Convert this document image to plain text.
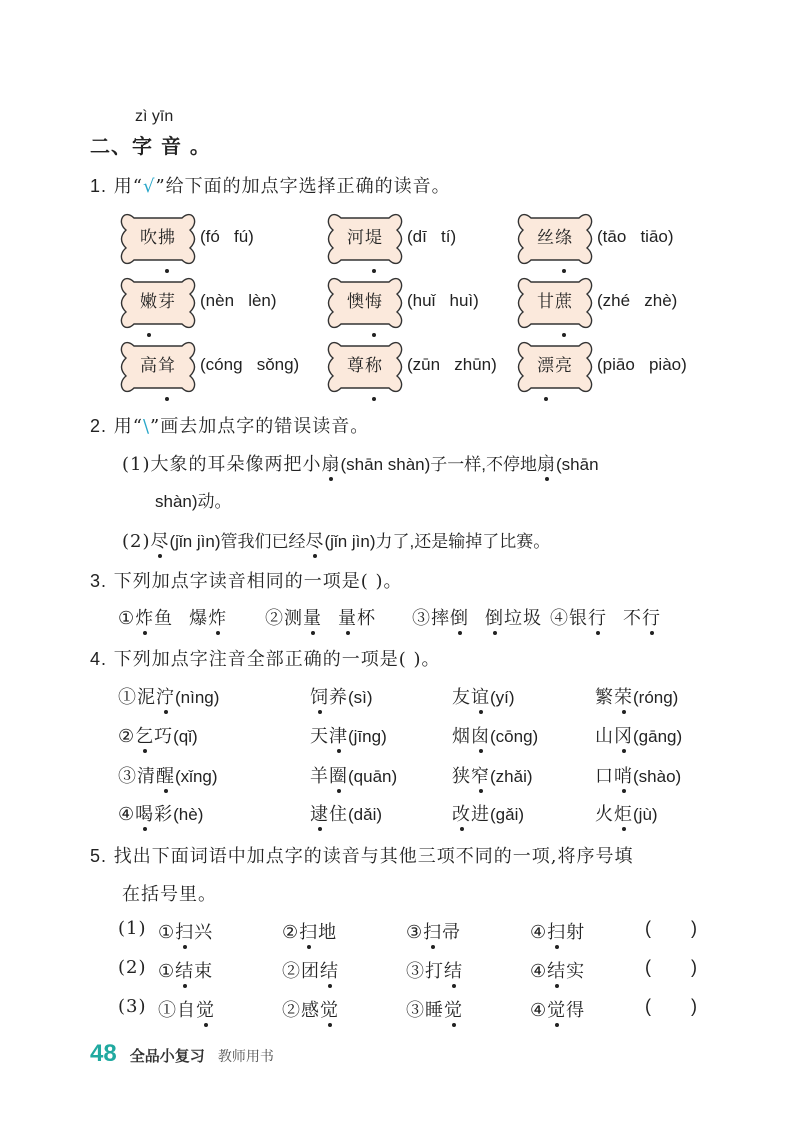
zì yīn
二、字 音 。
1. 用“√”给下面的加点字选择正确的读音。
吹拂	(fó   fú)	河堤	(dī   tí)	丝绦	(tāo   tiāo)
嫩芽	(nèn   lèn)	懊悔	(huǐ   huì)	甘蔗	(zhé   zhè)
高耸	(cóng   sǒng)	尊称	(zūn   zhūn)	漂亮	(piāo   piào)
2. 用“\”画去加点字的错误读音。
(1)大象的耳朵像两把小扇(shān shàn)子一样,不停地扇(shān
shàn)动。
(2)尽(jǐn jìn)管我们已经尽(jǐn jìn)力了,还是输掉了比赛。
3. 下列加点字读音相同的一项是( )。
①炸鱼 爆炸 ②测量 量杯 ③摔倒 倒垃圾 ④银行 不行
4. 下列加点字注音全部正确的一项是( )。
①泥泞(nìng)	饲养(sì)	友谊(yí)	繁荣(róng)
②乞巧(qǐ)	天津(jīng)	烟囱(cōng)	山冈(gāng)
③清醒(xǐng)	羊圈(quān)	狭窄(zhǎi)	口哨(shào)
④喝彩(hè)	逮住(dǎi)	改进(gǎi)	火炬(jù)
5. 找出下面词语中加点字的读音与其他三项不同的一项,将序号填
在括号里。
(1) ①扫兴	②扫地	③扫帚	④扫射	(        )
(2) ①结束	②团结	③打结	④结实	(        )
(3) ①自觉	②感觉	③睡觉	④觉得	(        )
48 全品小复习 教师用书
